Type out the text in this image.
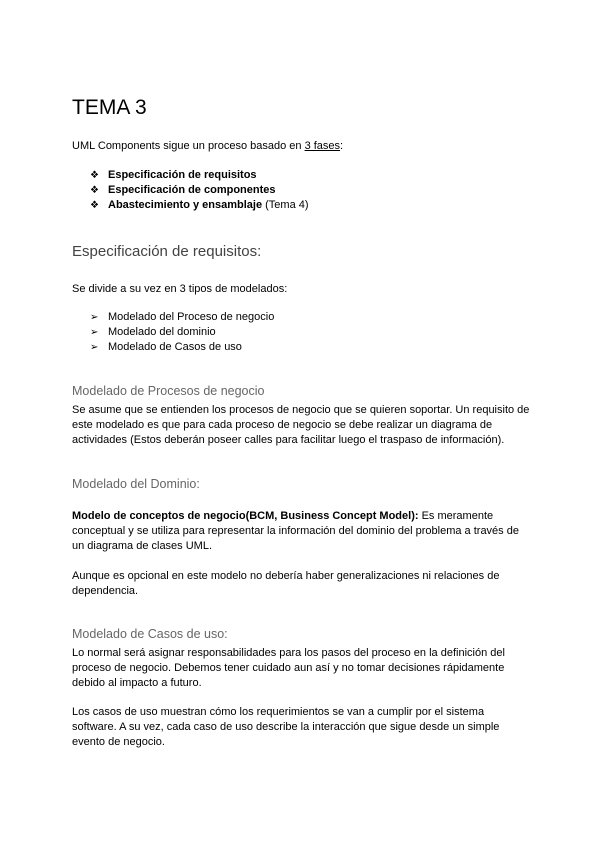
TEMA 3

UML Components sigue un proceso basado en 3 fases:

❖ Especificación de requisitos
❖ Especificación de componentes
❖ Abastecimiento y ensamblaje (Tema 4)
Especificación de requisitos:

Se divide a su vez en 3 tipos de modelados:

➢ Modelado del Proceso de negocio
➢ Modelado del dominio
➢ Modelado de Casos de uso
Modelado de Procesos de negocio

Se asume que se entienden los procesos de negocio que se quieren soportar. Un requisito de este modelado es que para cada proceso de negocio se debe realizar un diagrama de actividades (Estos deberán poseer calles para facilitar luego el traspaso de información).

Modelado del Dominio:

Modelo de conceptos de negocio(BCM, Business Concept Model): Es meramente conceptual y se utiliza para representar la información del dominio del problema a través de un diagrama de clases UML.

Aunque es opcional en este modelo no debería haber generalizaciones ni relaciones de dependencia.

Modelado de Casos de uso:

Lo normal será asignar responsabilidades para los pasos del proceso en la definición del proceso de negocio. Debemos tener cuidado aun así y no tomar decisiones rápidamente debido al impacto a futuro.

Los casos de uso muestran cómo los requerimientos se van a cumplir por el sistema software. A su vez, cada caso de uso describe la interacción que sigue desde un simple evento de negocio.
